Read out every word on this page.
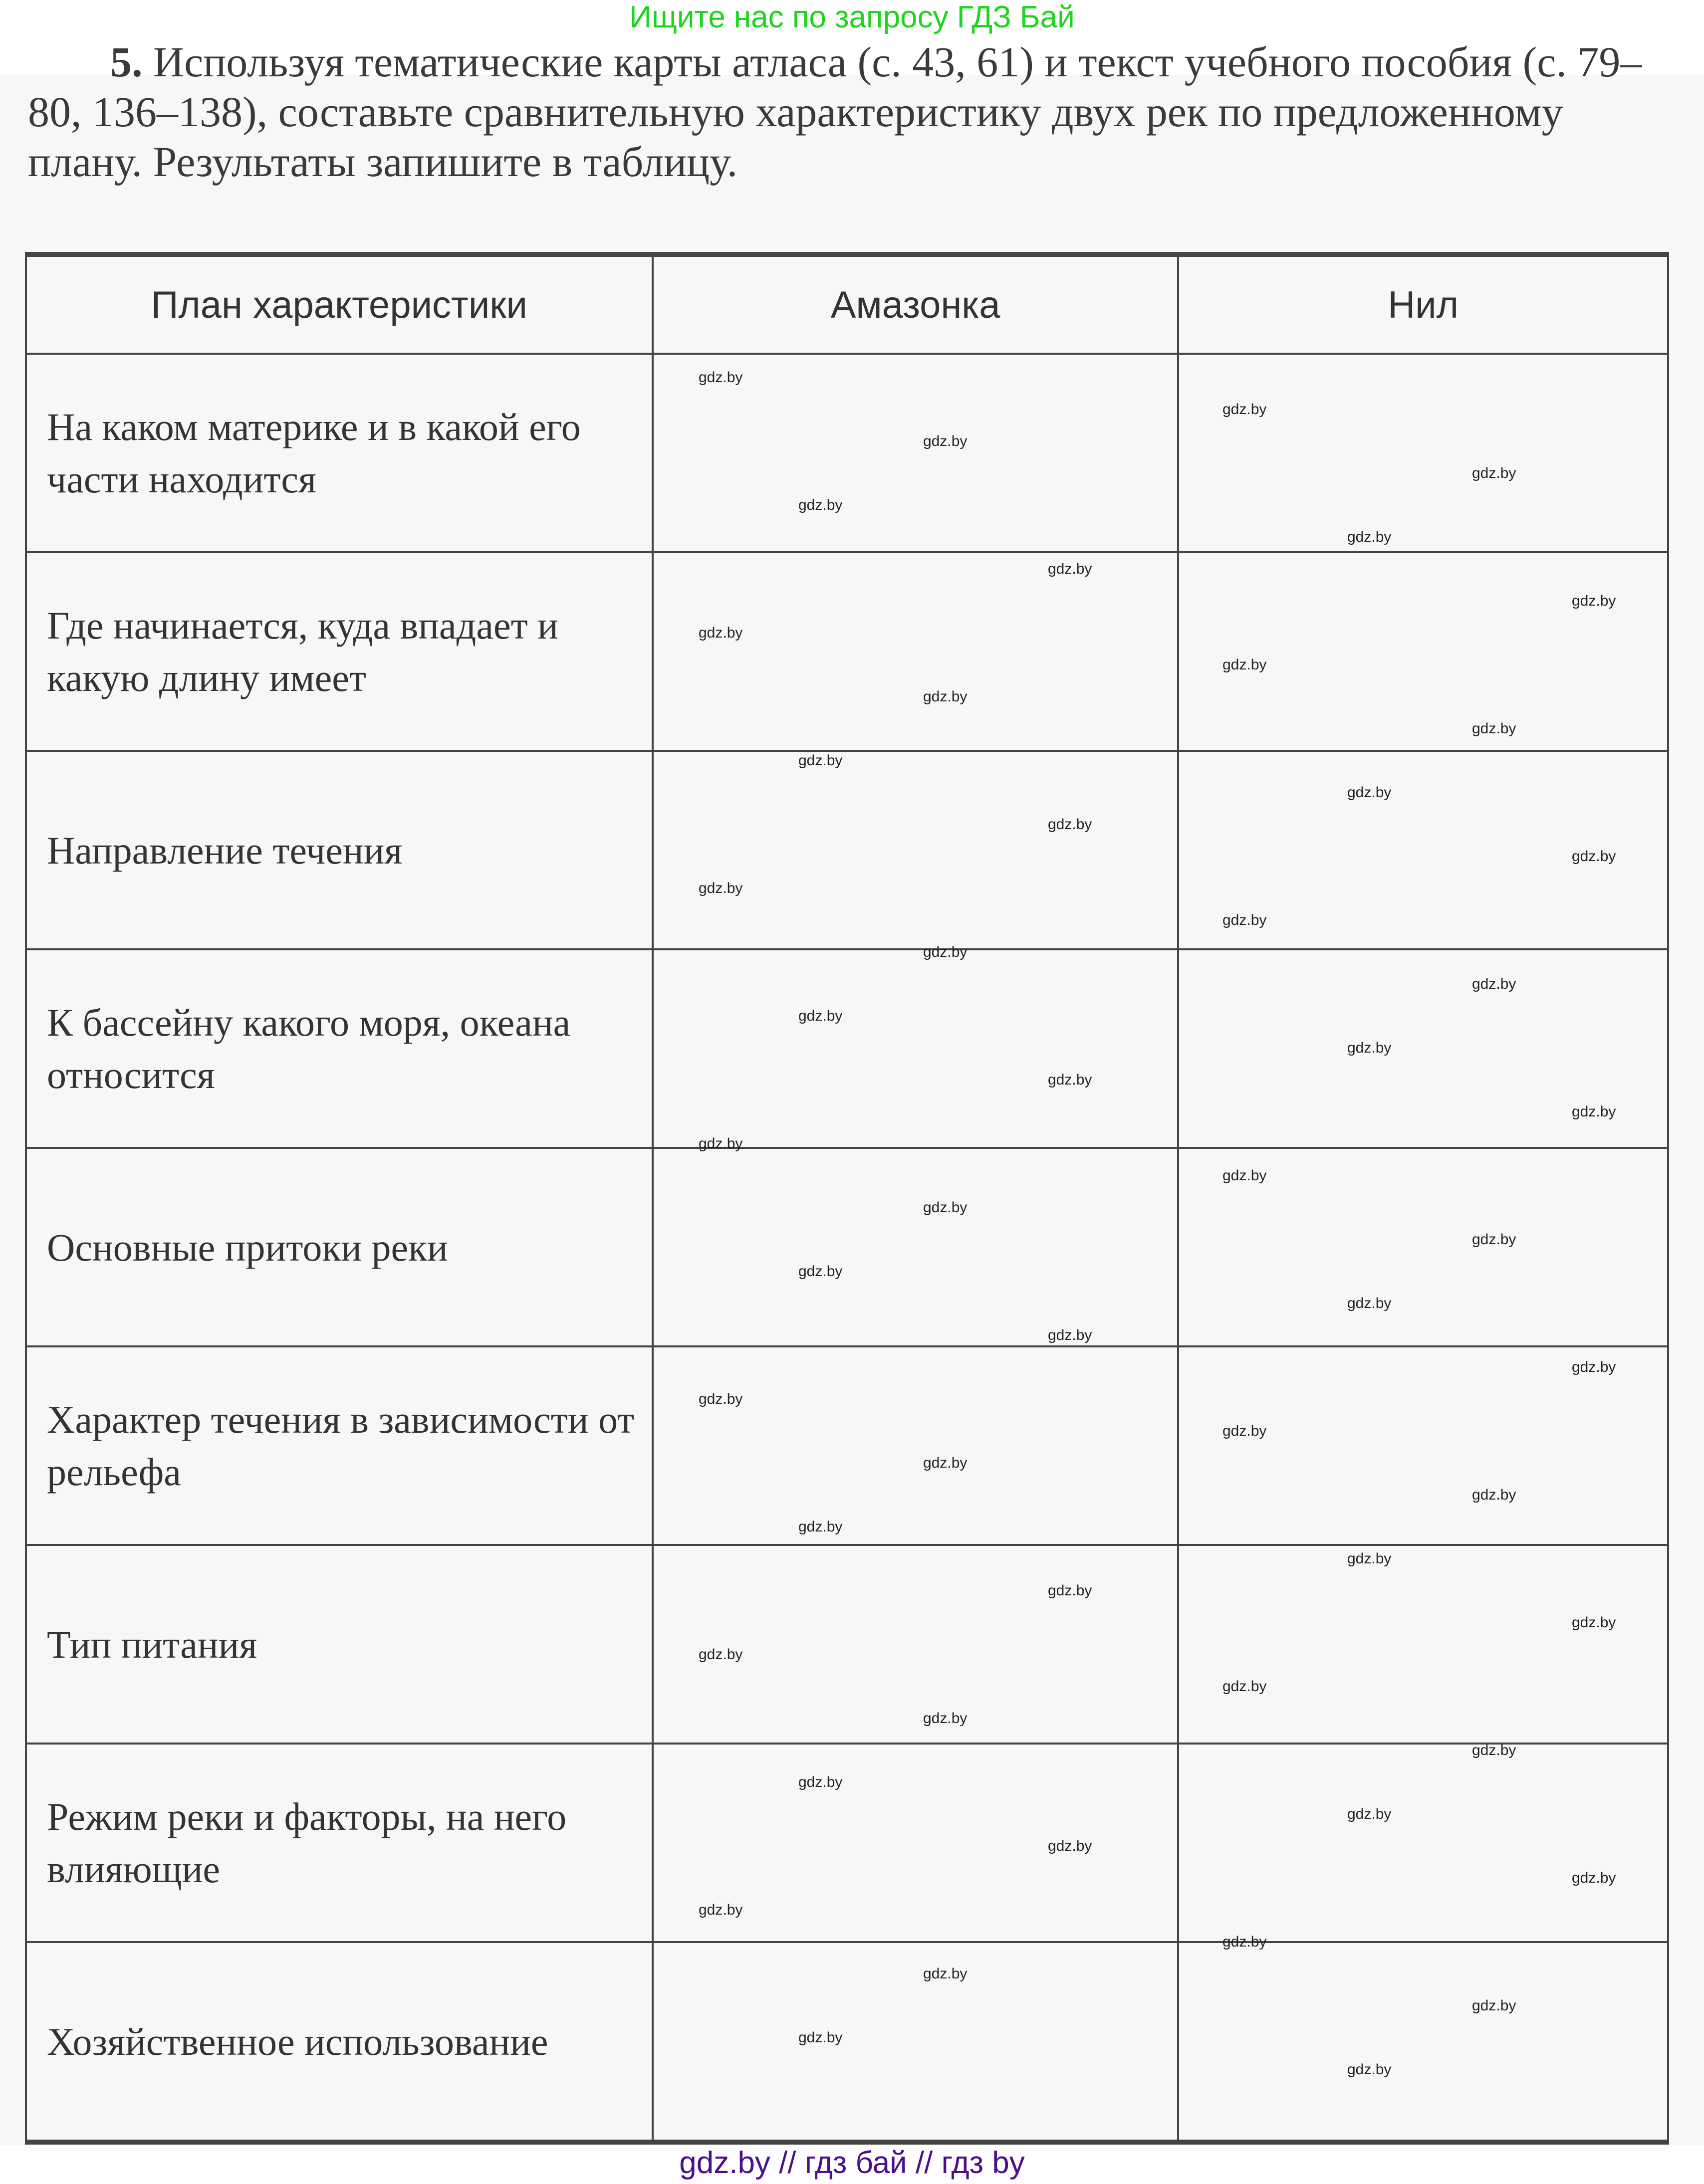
Ищите нас по запросу ГДЗ Бай
5. Используя тематические карты атласа (с. 43, 61) и текст учебного пособия (с. 79–80, 136–138), составьте сравнительную характеристику двух рек по предложенному плану. Результаты запишите в таблицу.
План характеристики	Амазонка	Нил
На каком материке и в какой его части находится		
Где начинается, куда впадает и какую длину имеет		
Направление течения		
К бассейну какого моря, океана относится		
Основные притоки реки		
Характер течения в зависимости от рельефа		
Тип питания		
Режим реки и факторы, на него влияющие		
Хозяйственное использование		
gdz.by
gdz.by
gdz.by
gdz.by
gdz.by
gdz.by
gdz.by
gdz.by
gdz.by
gdz.by
gdz.by
gdz.by
gdz.by
gdz.by
gdz.by
gdz.by
gdz.by
gdz.by
gdz.by
gdz.by
gdz.by
gdz.by
gdz.by
gdz.by
gdz.by
gdz.by
gdz.by
gdz.by
gdz.by
gdz.by
gdz.by
gdz.by
gdz.by
gdz.by
gdz.by
gdz.by
gdz.by
gdz.by
gdz.by
gdz.by
gdz.by
gdz.by
gdz.by
gdz.by
gdz.by
gdz.by
gdz.by
gdz.by
gdz.by
gdz.by
gdz.by
gdz.by
gdz.by
gdz.by
gdz.by // гдз бай // гдз by
